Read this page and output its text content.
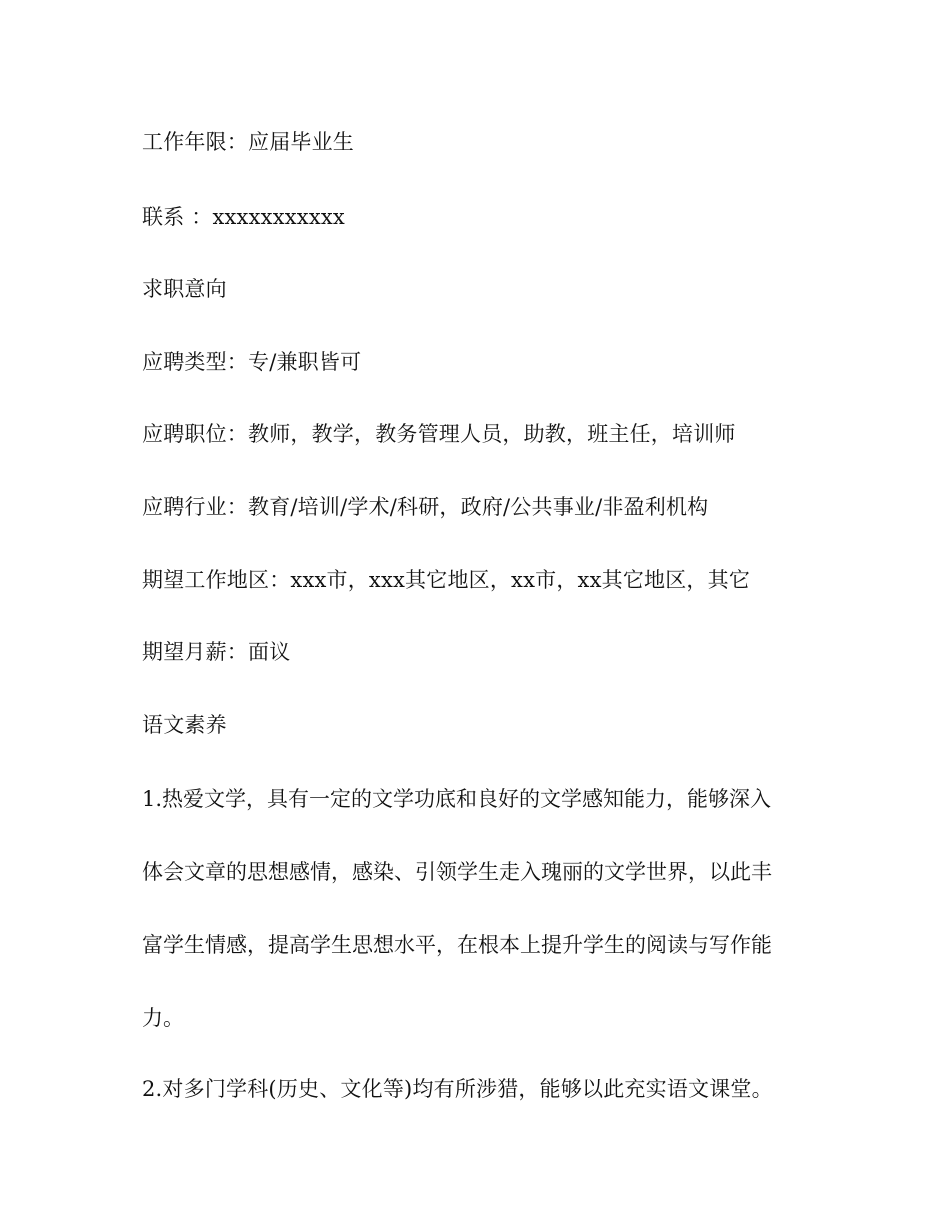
工作年限：应届毕业生
联系 ：xxxxxxxxxxx
求职意向
应聘类型：专/兼职皆可
应聘职位：教师，教学，教务管理人员，助教，班主任，培训师
应聘行业：教育/培训/学术/科研，政府/公共事业/非盈利机构
期望工作地区：xxx市，xxx其它地区，xx市，xx其它地区，其它
期望月薪：面议
语文素养
1.热爱文学，具有一定的文学功底和良好的文学感知能力，能够深入
体会文章的思想感情，感染、引领学生走入瑰丽的文学世界，以此丰
富学生情感，提高学生思想水平，在根本上提升学生的阅读与写作能
力。
2.对多门学科(历史、文化等)均有所涉猎，能够以此充实语文课堂。
